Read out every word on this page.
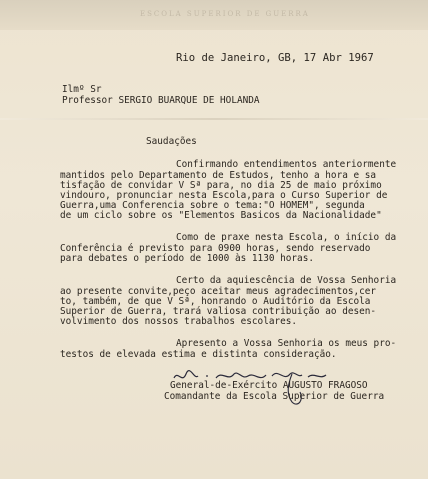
ESCOLA SUPERIOR DE GUERRA
Rio de Janeiro, GB, 17 Abr 1967
Ilmº Sr
Professor SERGIO BUARQUE DE HOLANDA
Saudações
Confirmando entendimentos anteriormente
mantidos pelo Departamento de Estudos, tenho a hora e sa
tisfação de convidar V Sª para, no dia 25 de maio próximo
vindouro, pronunciar nesta Escola,para o Curso Superior de
Guerra,uma Conferencia sobre o tema:"O HOMEM", segunda
de um ciclo sobre os "Elementos Basicos da Nacionalidade"
Como de praxe nesta Escola, o início da
Conferência é previsto para 0900 horas, sendo reservado
para debates o período de 1000 às 1130 horas.
Certo da aquiescência de Vossa Senhoria
ao presente convite,peço aceitar meus agradecimentos,cer
to, também, de que V Sª, honrando o Auditório da Escola
Superior de Guerra, trará valiosa contribuição ao desen-
volvimento dos nossos trabalhos escolares.
Apresento a Vossa Senhoria os meus pro-
testos de elevada estima e distinta consideração.
General-de-Exército AUGUSTO FRAGOSO
Comandante da Escola Superior de Guerra
